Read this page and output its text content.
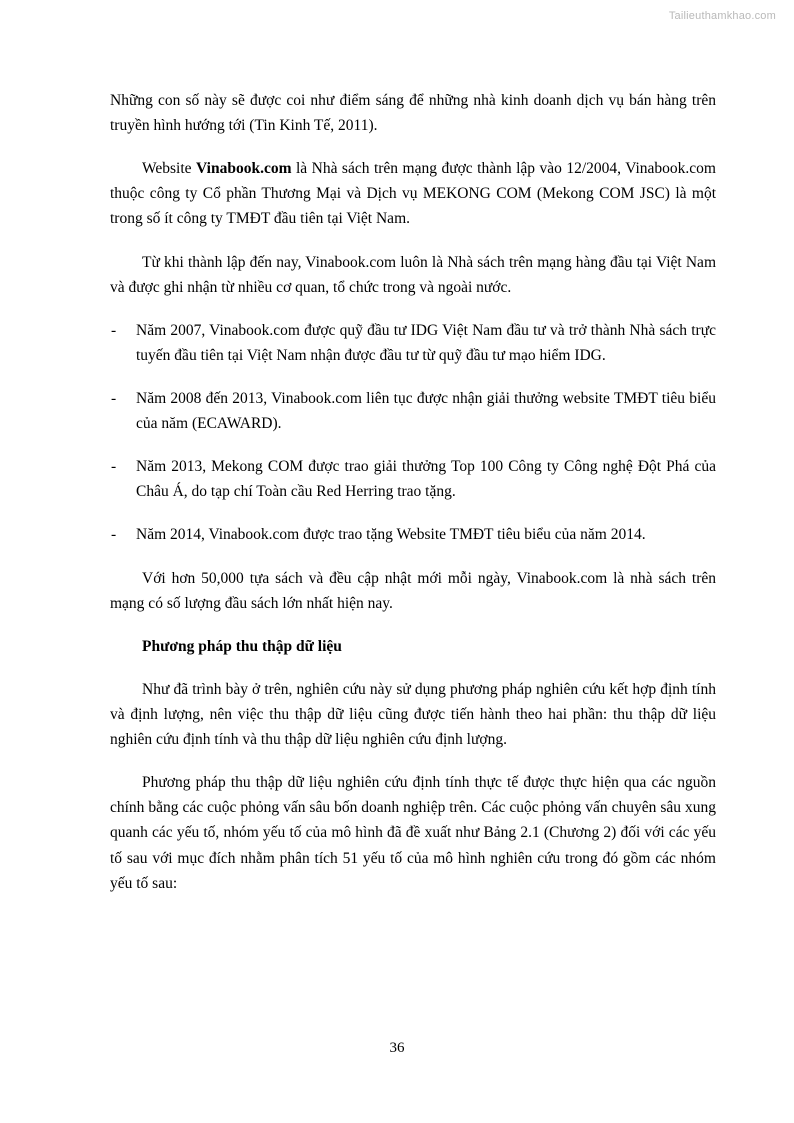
Tailieuthamkhao.com

Những con số này sẽ được coi như điểm sáng để những nhà kinh doanh dịch vụ bán hàng trên truyền hình hướng tới (Tin Kinh Tế, 2011).

Website Vinabook.com là Nhà sách trên mạng được thành lập vào 12/2004, Vinabook.com thuộc công ty Cổ phần Thương Mại và Dịch vụ MEKONG COM (Mekong COM JSC) là một trong số ít công ty TMĐT đầu tiên tại Việt Nam.

Từ khi thành lập đến nay, Vinabook.com luôn là Nhà sách trên mạng hàng đầu tại Việt Nam và được ghi nhận từ nhiều cơ quan, tổ chức trong và ngoài nước.

- Năm 2007, Vinabook.com được quỹ đầu tư IDG Việt Nam đầu tư và trở thành Nhà sách trực tuyến đầu tiên tại Việt Nam nhận được đầu tư từ quỹ đầu tư mạo hiểm IDG.

- Năm 2008 đến 2013, Vinabook.com liên tục được nhận giải thưởng website TMĐT tiêu biểu của năm (ECAWARD).

- Năm 2013, Mekong COM được trao giải thưởng Top 100 Công ty Công nghệ Đột Phá của Châu Á, do tạp chí Toàn cầu Red Herring trao tặng.

- Năm 2014, Vinabook.com được trao tặng Website TMĐT tiêu biểu của năm 2014.

Với hơn 50,000 tựa sách và đều cập nhật mới mỗi ngày, Vinabook.com là nhà sách trên mạng có số lượng đầu sách lớn nhất hiện nay.

Phương pháp thu thập dữ liệu

Như đã trình bày ở trên, nghiên cứu này sử dụng phương pháp nghiên cứu kết hợp định tính và định lượng, nên việc thu thập dữ liệu cũng được tiến hành theo hai phần: thu thập dữ liệu nghiên cứu định tính và thu thập dữ liệu nghiên cứu định lượng.

Phương pháp thu thập dữ liệu nghiên cứu định tính thực tế được thực hiện qua các nguồn chính bằng các cuộc phỏng vấn sâu bốn doanh nghiệp trên. Các cuộc phỏng vấn chuyên sâu xung quanh các yếu tố, nhóm yếu tố của mô hình đã đề xuất như Bảng 2.1 (Chương 2) đối với các yếu tố sau với mục đích nhằm phân tích 51 yếu tố của mô hình nghiên cứu trong đó gồm các nhóm yếu tố sau:

36
